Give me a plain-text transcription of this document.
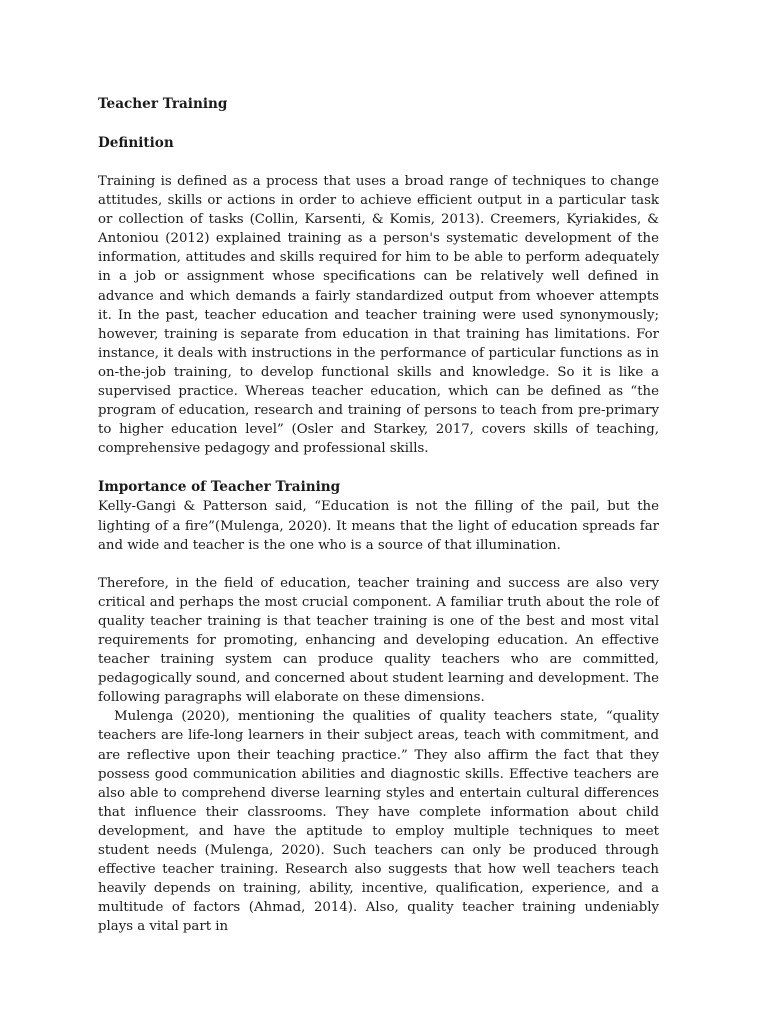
Teacher Training
Definition

Training is defined as a process that uses a broad range of techniques to change attitudes, skills or actions in order to achieve efficient output in a particular task or collection of tasks (Collin, Karsenti, & Komis, 2013). Creemers, Kyriakides, & Antoniou (2012) explained training as a person's systematic development of the information, attitudes and skills required for him to be able to perform adequately in a job or assignment whose specifications can be relatively well defined in advance and which demands a fairly standardized output from whoever attempts it. In the past, teacher education and teacher training were used synonymously; however, training is separate from education in that training has limitations. For instance, it deals with instructions in the performance of particular functions as in on-the-job training, to develop functional skills and knowledge. So it is like a supervised practice. Whereas teacher education, which can be defined as “the program of education, research and training of persons to teach from pre-primary to higher education level” (Osler and Starkey, 2017, covers skills of teaching, comprehensive pedagogy and professional skills.

Importance of Teacher Training

Kelly-Gangi & Patterson said, “Education is not the filling of the pail, but the lighting of a fire”(Mulenga, 2020). It means that the light of education spreads far and wide and teacher is the one who is a source of that illumination.

Therefore, in the field of education, teacher training and success are also very critical and perhaps the most crucial component. A familiar truth about the role of quality teacher training is that teacher training is one of the best and most vital requirements for promoting, enhancing and developing education. An effective teacher training system can produce quality teachers who are committed, pedagogically sound, and concerned about student learning and development. The following paragraphs will elaborate on these dimensions.

Mulenga (2020), mentioning the qualities of quality teachers state, “quality teachers are life-long learners in their subject areas, teach with commitment, and are reflective upon their teaching practice.” They also affirm the fact that they possess good communication abilities and diagnostic skills. Effective teachers are also able to comprehend diverse learning styles and entertain cultural differences that influence their classrooms. They have complete information about child development, and have the aptitude to employ multiple techniques to meet student needs (Mulenga, 2020). Such teachers can only be produced through effective teacher training. Research also suggests that how well teachers teach heavily depends on training, ability, incentive, qualification, experience, and a multitude of factors (Ahmad, 2014). Also, quality teacher training undeniably plays a vital part in
